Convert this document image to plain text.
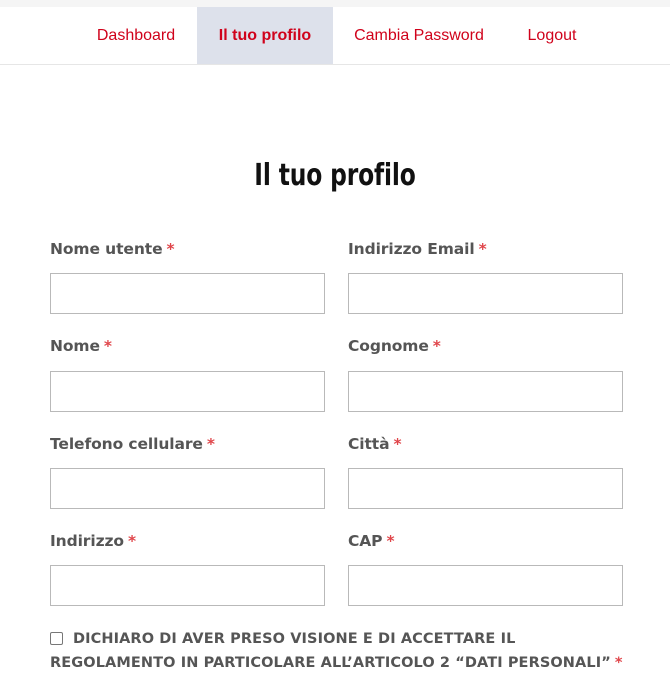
Dashboard	Il tuo profilo	Cambia Password	Logout
Il tuo profilo
Nome utente *	Indirizzo Email *
Nome *	Cognome *
Telefono cellulare *	Città *
Indirizzo *	CAP *
DICHIARO DI AVER PRESO VISIONE E DI ACCETTARE IL REGOLAMENTO IN PARTICOLARE ALL’ARTICOLO 2 “DATI PERSONALI” *
